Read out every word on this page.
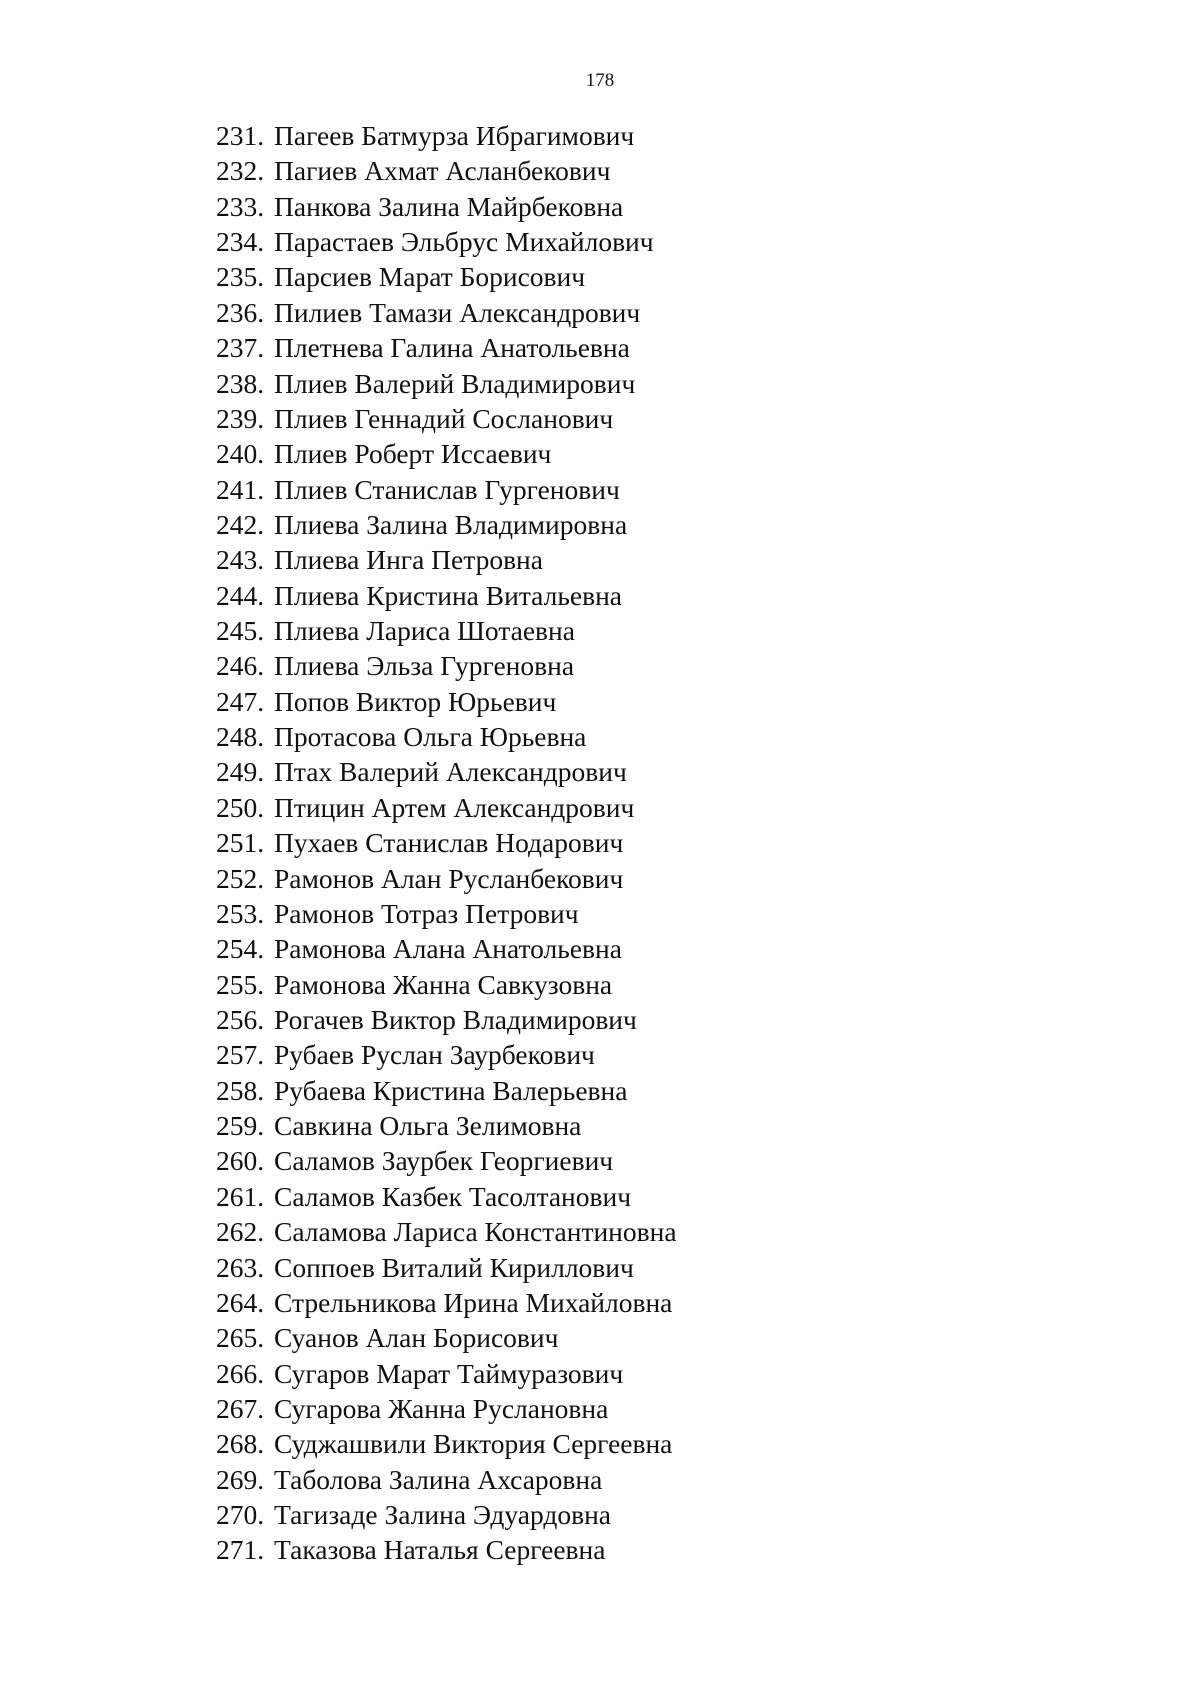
178
231. Пагеев Батмурза Ибрагимович
232. Пагиев Ахмат Асланбекович
233. Панкова Залина Майрбековна
234. Парастаев Эльбрус Михайлович
235. Парсиев Марат Борисович
236. Пилиев Тамази Александрович
237. Плетнева Галина Анатольевна
238. Плиев Валерий Владимирович
239. Плиев Геннадий Сосланович
240. Плиев Роберт Иссаевич
241. Плиев Станислав Гургенович
242. Плиева Залина Владимировна
243. Плиева Инга Петровна
244. Плиева Кристина Витальевна
245. Плиева Лариса Шотаевна
246. Плиева Эльза Гургеновна
247. Попов Виктор Юрьевич
248. Протасова Ольга Юрьевна
249. Птах Валерий Александрович
250. Птицин Артем Александрович
251. Пухаев Станислав Нодарович
252. Рамонов Алан Русланбекович
253. Рамонов Тотраз Петрович
254. Рамонова Алана Анатольевна
255. Рамонова Жанна Савкузовна
256. Рогачев Виктор Владимирович
257. Рубаев Руслан Заурбекович
258. Рубаева Кристина Валерьевна
259. Савкина Ольга Зелимовна
260. Саламов Заурбек Георгиевич
261. Саламов Казбек Тасолтанович
262. Саламова Лариса Константиновна
263. Соппоев Виталий Кириллович
264. Стрельникова Ирина Михайловна
265. Суанов Алан Борисович
266. Сугаров Марат Таймуразович
267. Сугарова Жанна Руслановна
268. Суджашвили Виктория Сергеевна
269. Таболова Залина Ахсаровна
270. Тагизаде Залина Эдуардовна
271. Таказова Наталья Сергеевна
